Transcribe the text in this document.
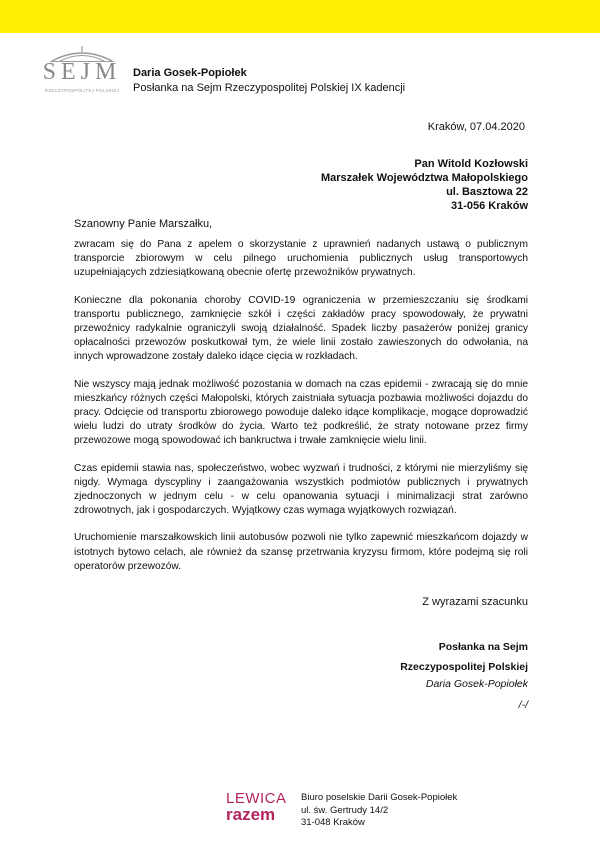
SEJM
RZECZYPOSPOLITEJ POLSKIEJ
Daria Gosek-Popiołek
Posłanka na Sejm Rzeczypospolitej Polskiej IX kadencji
Kraków, 07.04.2020
Pan Witold Kozłowski
Marszałek Województwa Małopolskiego
ul. Basztowa 22
31-056 Kraków
Szanowny Panie Marszałku,

zwracam się do Pana z apelem o skorzystanie z uprawnień nadanych ustawą o publicznym transporcie zbiorowym w celu pilnego uruchomienia publicznych usług transportowych uzupełniających zdziesiątkowaną obecnie ofertę przewoźników prywatnych.

Konieczne dla pokonania choroby COVID-19 ograniczenia w przemieszczaniu się środkami transportu publicznego, zamknięcie szkół i części zakładów pracy spowodowały, że prywatni przewoźnicy radykalnie ograniczyli swoją działalność. Spadek liczby pasażerów poniżej granicy opłacalności przewozów poskutkował tym, że wiele linii zostało zawieszonych do odwołania, na innych wprowadzone zostały daleko idące cięcia w rozkładach.

Nie wszyscy mają jednak możliwość pozostania w domach na czas epidemii - zwracają się do mnie mieszkańcy różnych części Małopolski, których zaistniała sytuacja pozbawia możliwości dojazdu do pracy. Odcięcie od transportu zbiorowego powoduje daleko idące komplikacje, mogące doprowadzić wielu ludzi do utraty środków do życia. Warto też podkreślić, że straty notowane przez firmy przewozowe mogą spowodować ich bankructwa i trwałe zamknięcie wielu linii.

Czas epidemii stawia nas, społeczeństwo, wobec wyzwań i trudności, z którymi nie mierzyliśmy się nigdy. Wymaga dyscypliny i zaangażowania wszystkich podmiotów publicznych i prywatnych zjednoczonych w jednym celu - w celu opanowania sytuacji i minimalizacji strat zarówno zdrowotnych, jak i gospodarczych. Wyjątkowy czas wymaga wyjątkowych rozwiązań.

Uruchomienie marszałkowskich linii autobusów pozwoli nie tylko zapewnić mieszkańcom dojazdy w istotnych bytowo celach, ale również da szansę przetrwania kryzysu firmom, które podejmą się roli operatorów przewozów.

Z wyrazami szacunku
Posłanka na Sejm
Rzeczypospolitej Polskiej
Daria Gosek-Popiołek
/-/
LEWICA
razem
Biuro poselskie Darii Gosek-Popiołek
ul. św. Gertrudy 14/2
31-048 Kraków
